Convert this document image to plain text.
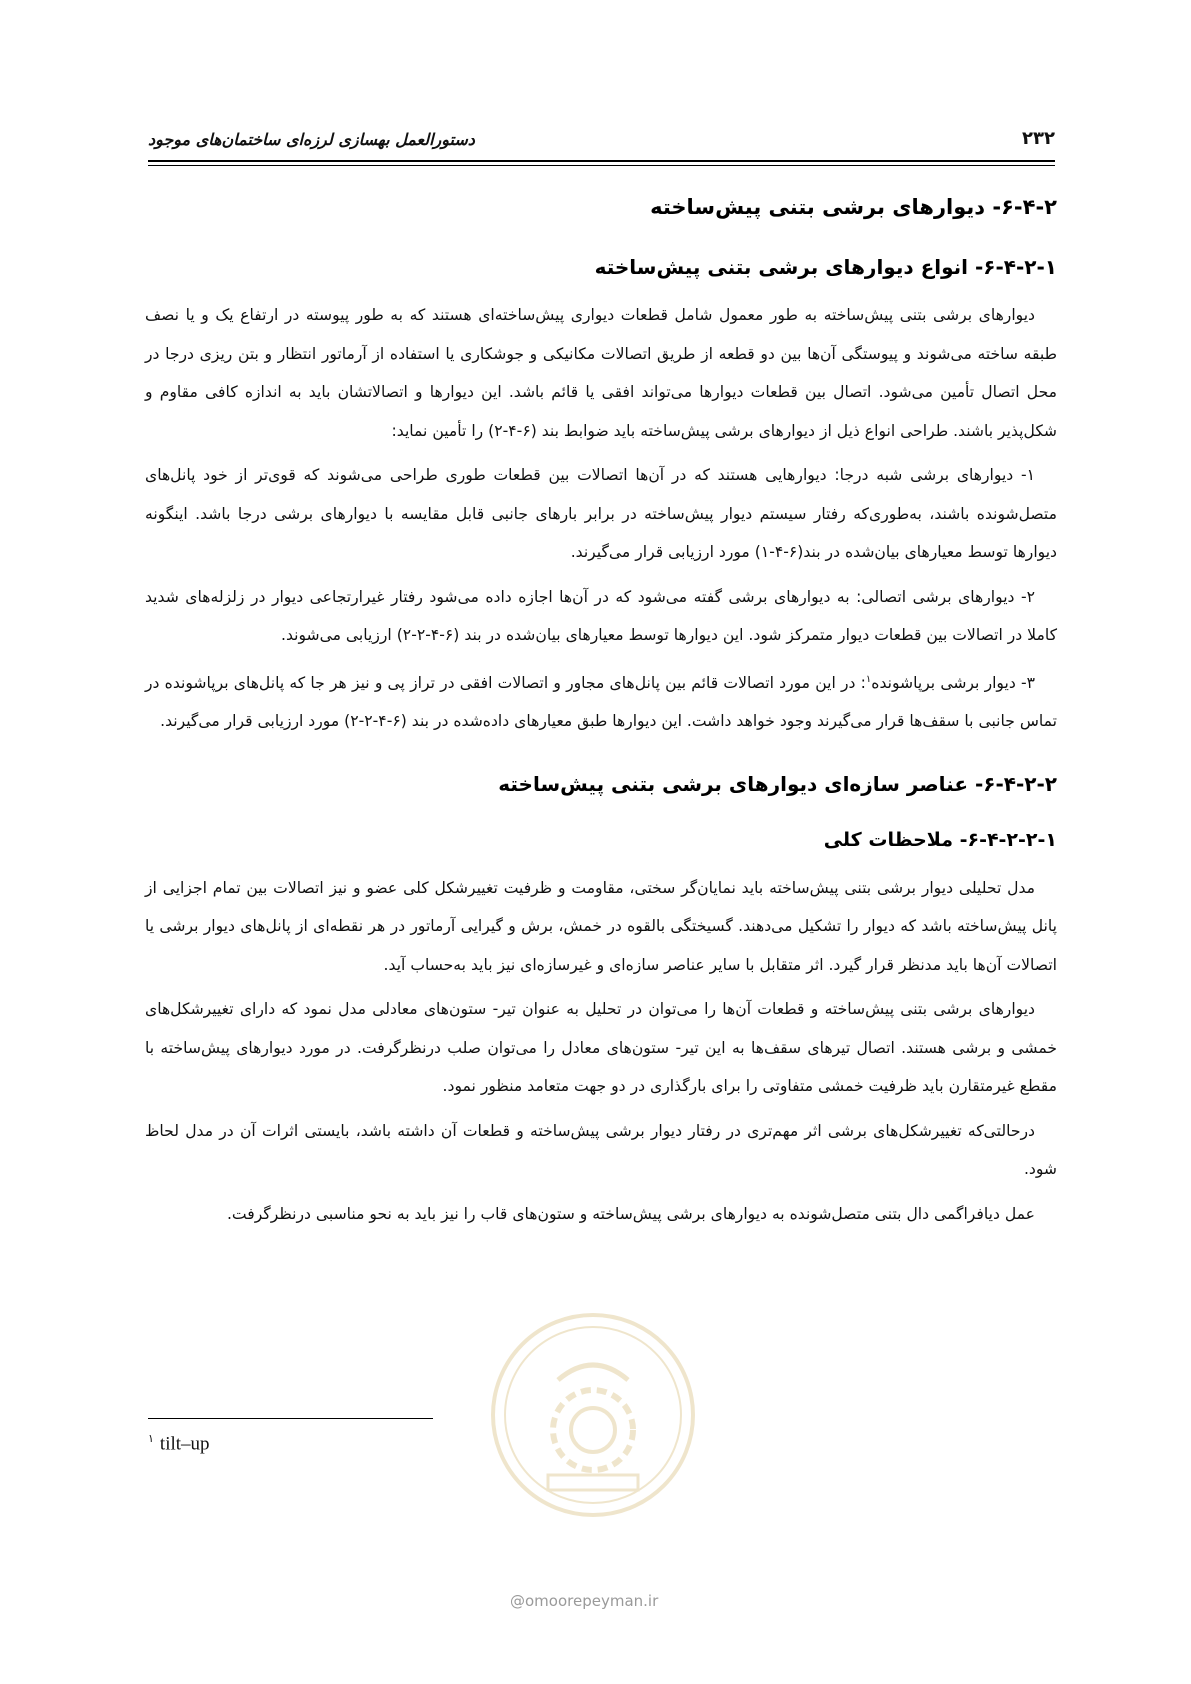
دستورالعمل بهسازی لرزه‌ای ساختمان‌های موجود	۲۳۲
۶-۴-۲- دیوارهای برشی بتنی پیش‌ساخته
۶-۴-۲-۱- انواع دیوارهای برشی بتنی پیش‌ساخته

دیوارهای برشی بتنی پیش‌ساخته به طور معمول شامل قطعات دیواری پیش‌ساخته‌ای هستند که به طور پیوسته در ارتفاع یک و یا نصف طبقه ساخته می‌شوند و پیوستگی آن‌ها بین دو قطعه از طریق اتصالات مکانیکی و جوشکاری یا استفاده از آرماتور انتظار و بتن ریزی درجا در محل اتصال تأمین می‌شود. اتصال بین قطعات دیوارها می‌تواند افقی یا قائم باشد. این دیوارها و اتصالاتشان باید به اندازه کافی مقاوم و شکل‌پذیر باشند. طراحی انواع ذیل از دیوارهای برشی پیش‌ساخته باید ضوابط بند (۶-۴-۲) را تأمین نماید:

۱- دیوارهای برشی شبه درجا: دیوارهایی هستند که در آن‌ها اتصالات بین قطعات طوری طراحی می‌شوند که قوی‌تر از خود پانل‌های متصل‌شونده باشند، به‌طوری‌که رفتار سیستم دیوار پیش‌ساخته در برابر بارهای جانبی قابل مقایسه با دیوارهای برشی درجا باشد. اینگونه دیوارها توسط معیارهای بیان‌شده در بند(۶-۴-۱) مورد ارزیابی قرار می‌گیرند.

۲- دیوارهای برشی اتصالی: به دیوارهای برشی گفته می‌شود که در آن‌ها اجازه داده می‌شود رفتار غیرارتجاعی دیوار در زلزله‌های شدید کاملا در اتصالات بین قطعات دیوار متمرکز شود. این دیوارها توسط معیارهای بیان‌شده در بند (۶-۴-۲-۲) ارزیابی می‌شوند.

۳- دیوار برشی برپاشونده$^۱$: در این مورد اتصالات قائم بین پانل‌های مجاور و اتصالات افقی در تراز پی و نیز هر جا که پانل‌های برپاشونده در تماس جانبی با سقف‌ها قرار می‌گیرند وجود خواهد داشت. این دیوارها طبق معیارهای داده‌شده در بند (۶-۴-۲-۲) مورد ارزیابی قرار می‌گیرند.

۶-۴-۲-۲- عناصر سازه‌ای دیوارهای برشی بتنی پیش‌ساخته
۶-۴-۲-۲-۱- ملاحظات کلی

مدل تحلیلی دیوار برشی بتنی پیش‌ساخته باید نمایان‌گر سختی، مقاومت و ظرفیت تغییرشکل کلی عضو و نیز اتصالات بین تمام اجزایی از پانل پیش‌ساخته باشد که دیوار را تشکیل می‌دهند. گسیختگی بالقوه در خمش، برش و گیرایی آرماتور در هر نقطه‌ای از پانل‌های دیوار برشی یا اتصالات آن‌ها باید مدنظر قرار گیرد. اثر متقابل با سایر عناصر سازه‌ای و غیرسازه‌ای نیز باید به‌حساب آید.

دیوارهای برشی بتنی پیش‌ساخته و قطعات آن‌ها را می‌توان در تحلیل به عنوان تیر- ستون‌های معادلی مدل نمود که دارای تغییرشکل‌های خمشی و برشی هستند. اتصال تیرهای سقف‌ها به این تیر- ستون‌های معادل را می‌توان صلب درنظرگرفت. در مورد دیوارهای پیش‌ساخته با مقطع غیرمتقارن باید ظرفیت خمشی متفاوتی را برای بارگذاری در دو جهت متعامد منظور نمود.

درحالتی‌که تغییرشکل‌های برشی اثر مهم‌تری در رفتار دیوار برشی پیش‌ساخته و قطعات آن داشته باشد، بایستی اثرات آن در مدل لحاظ شود.

عمل دیافراگمی دال بتنی متصل‌شونده به دیوارهای برشی پیش‌ساخته و ستون‌های قاب را نیز باید به نحو مناسبی درنظرگرفت.

$^۱$ tilt–up
@omoorepeyman.ir
